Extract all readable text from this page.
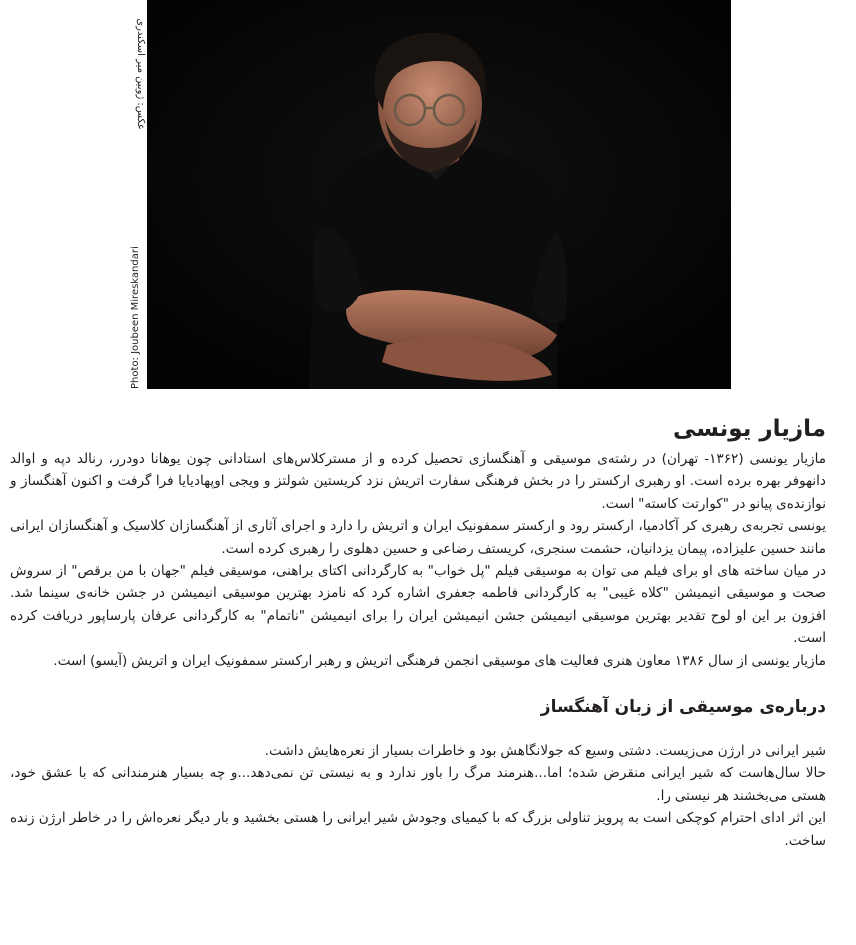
Photo: Joubeen Mireskandari
عکس: ژوبین میر اسکندری
مازیار یونسی

مازیار یونسی (۱۳۶۲- تهران) در رشته‌ی موسیقی و آهنگسازی تحصیل کرده و از مسترکلاس‌های استادانی چون یوهانا دودرر، رنالد دپه و اوالد دانهوفر بهره برده است. او رهبری ارکستر را در بخش فرهنگی سفارت اتریش نزد کریستین شولتز و ویجی اوپهادیایا فرا گرفت و اکنون آهنگساز و نوازنده‌ی پیانو در "کوارتت کاسته" است.

یونسی تجربه‌ی رهبری کر آکادمیا، ارکستر رود و ارکستر سمفونیک ایران و اتریش را دارد و اجرای آثاری از آهنگسازان کلاسیک و آهنگسازان ایرانی مانند حسین علیزاده، پیمان یزدانیان، حشمت سنجری، کریستف رضاعی و حسین دهلوی را رهبری کرده است.

در میان ساخته های او برای فیلم می توان به موسیقی فیلم "پل خواب" به کارگردانی اکتای براهنی، موسیقی فیلم "جهان با من برقص" از سروش صحت و موسیقی انیمیشن "کلاه غیبی" به کارگردانی فاطمه جعفری اشاره کرد که نامزد بهترین موسیقی انیمیشن در جشن خانه‌ی سینما شد. افزون بر این او لوح تقدیر بهترین موسیقی انیمیشن جشن انیمیشن ایران را برای انیمیشن "ناتمام" به کارگردانی عرفان پارساپور دریافت کرده است.

مازیار یونسی از سال ۱۳۸۶ معاون هنری فعالیت های موسیقی انجمن فرهنگی اتریش و رهبر ارکستر سمفونیک ایران و اتریش (آیسو) است.

درباره‌ی موسیقی از زبان آهنگساز

شیر ایرانی در ارژن می‌زیست. دشتی وسیع که جولانگاهش بود و خاطرات بسیار از نعره‌هایش داشت.

حالا سال‌هاست که شیر ایرانی منقرض شده؛ اما...هنرمند مرگ را باور ندارد و به نیستی تن نمی‌دهد...و چه بسیار هنرمندانی که با عشق خود، هستی می‌بخشند هر نیستی را.

این اثر ادای احترام کوچکی است به پرویز تناولی بزرگ که با کیمیای وجودش شیر ایرانی را هستی بخشید و بار دیگر نعره‌اش را در خاطر ارژن زنده ساخت.
